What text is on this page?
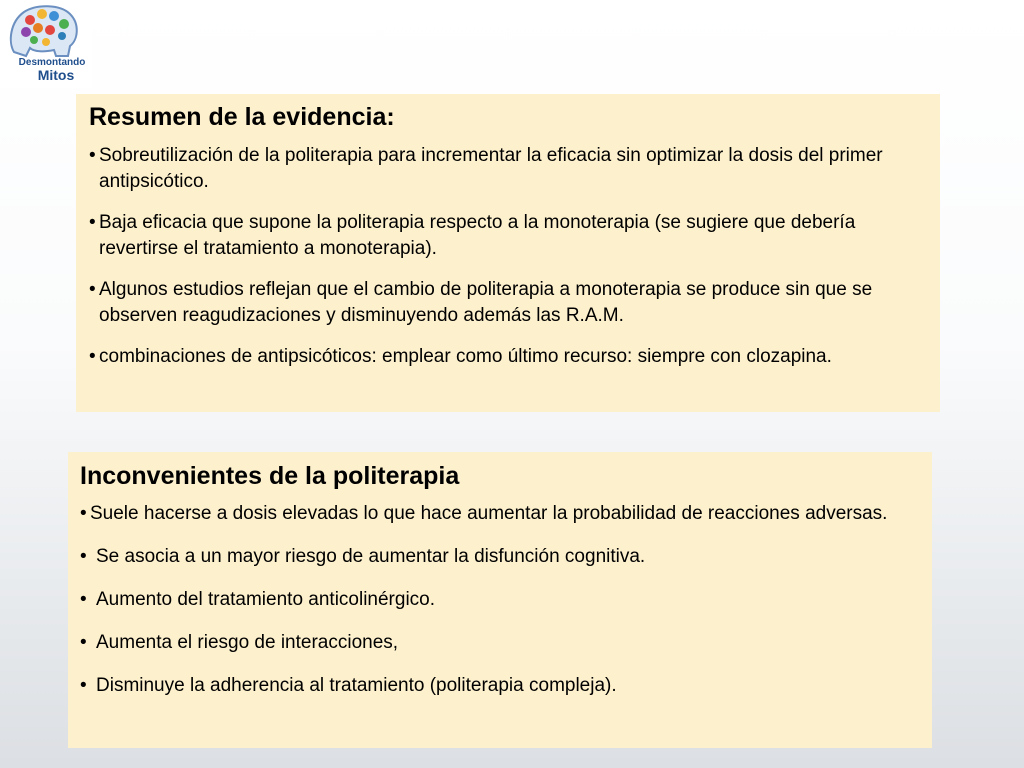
Desmontando
Mitos
Resumen de la evidencia:
• Sobreutilización de la politerapia para incrementar la eficacia sin optimizar la dosis del primer antipsicótico.
• Baja eficacia que supone la politerapia respecto a la monoterapia (se sugiere que debería revertirse el tratamiento a monoterapia).
• Algunos estudios reflejan que el cambio de politerapia a monoterapia se produce sin que se observen reagudizaciones y disminuyendo además las R.A.M.
• combinaciones de antipsicóticos: emplear como último recurso: siempre con clozapina.
Inconvenientes de la politerapia
• Suele hacerse a dosis elevadas lo que hace aumentar la probabilidad de reacciones adversas.
• Se asocia a un mayor riesgo de aumentar la disfunción cognitiva.
• Aumento del tratamiento anticolinérgico.
• Aumenta el riesgo de interacciones,
• Disminuye la adherencia al tratamiento (politerapia compleja).
